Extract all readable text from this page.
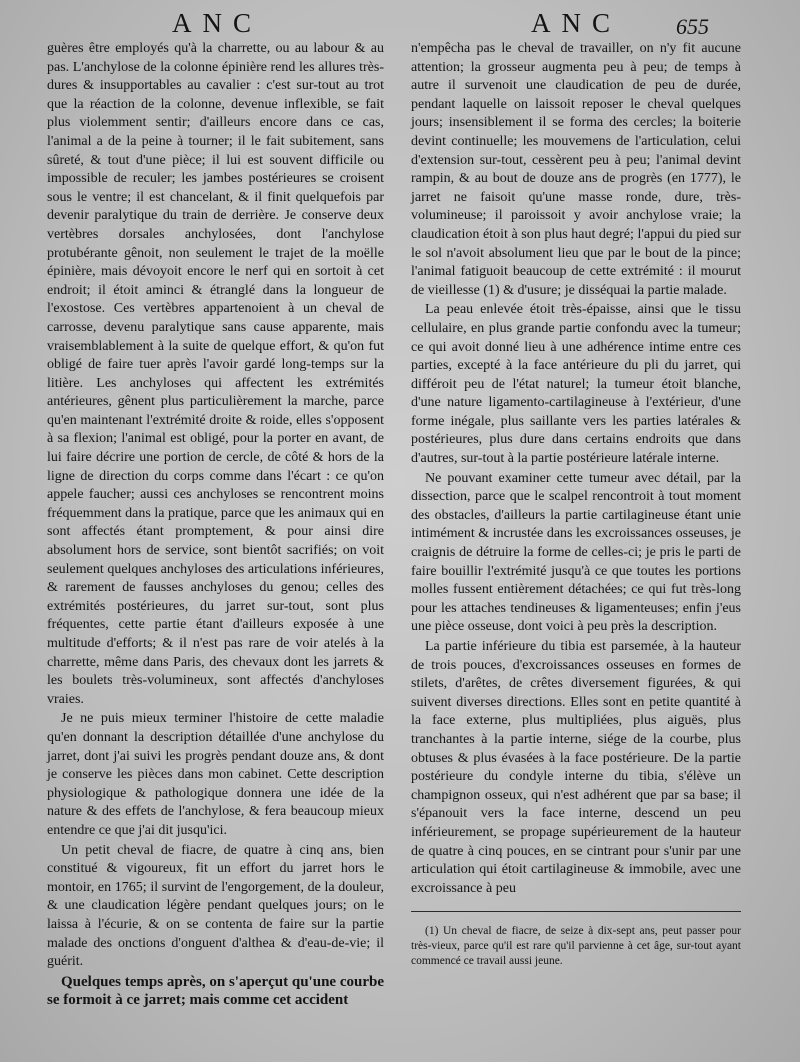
ANC	ANC 655

guères être employés qu'à la charrette, ou au labour & au pas. L'anchylose de la colonne épinière rend les allures très-dures & insupportables au cavalier : c'est sur-tout au trot que la réaction de la colonne, devenue inflexible, se fait plus violemment sentir; d'ailleurs encore dans ce cas, l'animal a de la peine à tourner; il le fait subitement, sans sûreté, & tout d'une pièce; il lui est souvent difficile ou impossible de reculer; les jambes postérieures se croisent sous le ventre; il est chancelant, & il finit quelquefois par devenir paralytique du train de derrière. Je conserve deux vertèbres dorsales anchylosées, dont l'anchylose protubérante gênoit, non seulement le trajet de la moëlle épinière, mais dévoyoit encore le nerf qui en sortoit à cet endroit; il étoit aminci & étranglé dans la longueur de l'exostose. Ces vertèbres appartenoient à un cheval de carrosse, devenu paralytique sans cause apparente, mais vraisemblablement à la suite de quelque effort, & qu'on fut obligé de faire tuer après l'avoir gardé long-temps sur la litière. Les anchyloses qui affectent les extrémités antérieures, gênent plus particulièrement la marche, parce qu'en maintenant l'extrémité droite & roide, elles s'opposent à sa flexion; l'animal est obligé, pour la porter en avant, de lui faire décrire une portion de cercle, de côté & hors de la ligne de direction du corps comme dans l'écart : ce qu'on appele faucher; aussi ces anchyloses se rencontrent moins fréquemment dans la pratique, parce que les animaux qui en sont affectés étant promptement, & pour ainsi dire absolument hors de service, sont bientôt sacrifiés; on voit seulement quelques anchyloses des articulations inférieures, & rarement de fausses anchyloses du genou; celles des extrémités postérieures, du jarret sur-tout, sont plus fréquentes, cette partie étant d'ailleurs exposée à une multitude d'efforts; & il n'est pas rare de voir atelés à la charrette, même dans Paris, des chevaux dont les jarrets & les boulets très-volumineux, sont affectés d'anchyloses vraies.

Je ne puis mieux terminer l'histoire de cette maladie qu'en donnant la description détaillée d'une anchylose du jarret, dont j'ai suivi les progrès pendant douze ans, & dont je conserve les pièces dans mon cabinet. Cette description physiologique & pathologique donnera une idée de la nature & des effets de l'anchylose, & fera beaucoup mieux entendre ce que j'ai dit jusqu'ici.

Un petit cheval de fiacre, de quatre à cinq ans, bien constitué & vigoureux, fit un effort du jarret hors le montoir, en 1765; il survint de l'engorgement, de la douleur, & une claudication légère pendant quelques jours; on le laissa à l'écurie, & on se contenta de faire sur la partie malade des onctions d'onguent d'althea & d'eau-de-vie; il guérit.

Quelques temps après, on s'aperçut qu'une courbe se formoit à ce jarret; mais comme cet accident

n'empêcha pas le cheval de travailler, on n'y fit aucune attention; la grosseur augmenta peu à peu; de temps à autre il survenoit une claudication de peu de durée, pendant laquelle on laissoit reposer le cheval quelques jours; insensiblement il se forma des cercles; la boiterie devint continuelle; les mouvemens de l'articulation, celui d'extension sur-tout, cessèrent peu à peu; l'animal devint rampin, & au bout de douze ans de progrès (en 1777), le jarret ne faisoit qu'une masse ronde, dure, très-volumineuse; il paroissoit y avoir anchylose vraie; la claudication étoit à son plus haut degré; l'appui du pied sur le sol n'avoit absolument lieu que par le bout de la pince; l'animal fatiguoit beaucoup de cette extrémité : il mourut de vieillesse (1) & d'usure; je disséquai la partie malade.

La peau enlevée étoit très-épaisse, ainsi que le tissu cellulaire, en plus grande partie confondu avec la tumeur; ce qui avoit donné lieu à une adhérence intime entre ces parties, excepté à la face antérieure du pli du jarret, qui différoit peu de l'état naturel; la tumeur étoit blanche, d'une nature ligamento-cartilagineuse à l'extérieur, d'une forme inégale, plus saillante vers les parties latérales & postérieures, plus dure dans certains endroits que dans d'autres, sur-tout à la partie postérieure latérale interne.

Ne pouvant examiner cette tumeur avec détail, par la dissection, parce que le scalpel rencontroit à tout moment des obstacles, d'ailleurs la partie cartilagineuse étant unie intimément & incrustée dans les excroissances osseuses, je craignis de détruire la forme de celles-ci; je pris le parti de faire bouillir l'extrémité jusqu'à ce que toutes les portions molles fussent entièrement détachées; ce qui fut très-long pour les attaches tendineuses & ligamenteuses; enfin j'eus une pièce osseuse, dont voici à peu près la description.

La partie inférieure du tibia est parsemée, à la hauteur de trois pouces, d'excroissances osseuses en formes de stilets, d'arêtes, de crêtes diversement figurées, & qui suivent diverses directions. Elles sont en petite quantité à la face externe, plus multipliées, plus aiguës, plus tranchantes à la partie interne, siége de la courbe, plus obtuses & plus évasées à la face postérieure. De la partie postérieure du condyle interne du tibia, s'élève un champignon osseux, qui n'est adhérent que par sa base; il s'épanouit vers la face interne, descend un peu inférieurement, se propage supérieurement de la hauteur de quatre à cinq pouces, en se cintrant pour s'unir par une articulation qui étoit cartilagineuse & immobile, avec une excroissance à peu

(1) Un cheval de fiacre, de seize à dix-sept ans, peut passer pour très-vieux, parce qu'il est rare qu'il parvienne à cet âge, sur-tout ayant commencé ce travail aussi jeune.
